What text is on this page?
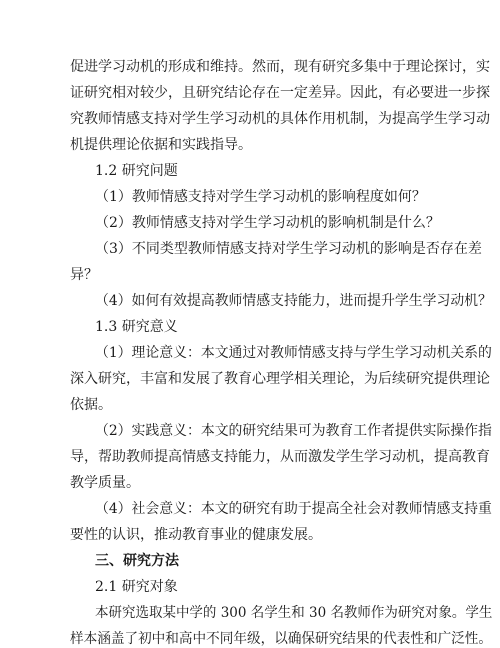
促进学习动机的形成和维持。然而，现有研究多集中于理论探讨，实
证研究相对较少，且研究结论存在一定差异。因此，有必要进一步探
究教师情感支持对学生学习动机的具体作用机制，为提高学生学习动
机提供理论依据和实践指导。
1.2 研究问题
（1）教师情感支持对学生学习动机的影响程度如何？
（2）教师情感支持对学生学习动机的影响机制是什么？
（3）不同类型教师情感支持对学生学习动机的影响是否存在差
异？
（4）如何有效提高教师情感支持能力，进而提升学生学习动机？
1.3 研究意义
（1）理论意义：本文通过对教师情感支持与学生学习动机关系的
深入研究，丰富和发展了教育心理学相关理论，为后续研究提供理论
依据。
（2）实践意义：本文的研究结果可为教育工作者提供实际操作指
导，帮助教师提高情感支持能力，从而激发学生学习动机，提高教育
教学质量。
（4）社会意义：本文的研究有助于提高全社会对教师情感支持重
要性的认识，推动教育事业的健康发展。
三、研究方法
2.1 研究对象
本研究选取某中学的 300 名学生和 30 名教师作为研究对象。学生
样本涵盖了初中和高中不同年级，以确保研究结果的代表性和广泛性。
